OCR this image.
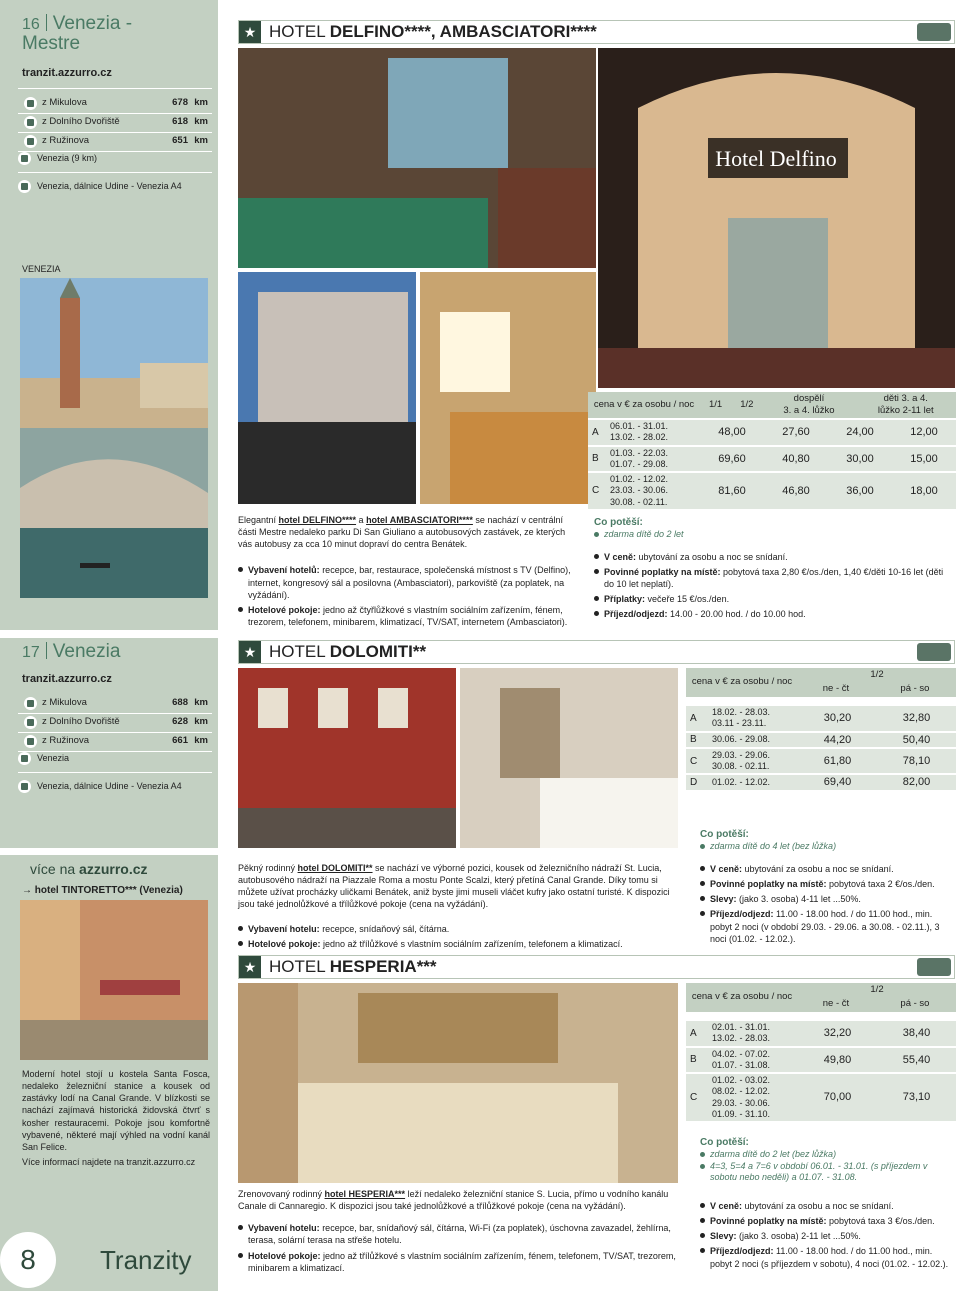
16 Venezia -
Mestre
tranzit.azzurro.cz
	z Mikulova	678	km
	z Dolního Dvořiště	618	km
	z Ružinova	651	km
Venezia (9 km)
Venezia, dálnice Udine - Venezia A4
VENEZIA
★ HOTEL DELFINO****, AMBASCIATORI****
Hotel Delfino
Elegantní hotel DELFINO**** a hotel AMBASCIATORI**** se nachází v centrální části Mestre nedaleko parku Di San Giuliano a autobusových zastávek, ze kterých vás autobusy za cca 10 minut dopraví do centra Benátek.
Vybavení hotelů: recepce, bar, restaurace, společenská místnost s TV (Delfino), internet, kongresový sál a posilovna (Ambasciatori), parkoviště (za poplatek, na vyžádání).
Hotelové pokoje: jedno až čtyřlůžkové s vlastním sociálním zařízením, fénem, trezorem, telefonem, minibarem, klimatizací, TV/SAT, internetem (Ambasciatori).
cena v € za osobu / noc	1/1	1/2	dospělí
3. a 4. lůžko	děti 3. a 4.
lůžko 2-11 let
A
06.01. - 31.01.
13.02. - 28.02.	48,00	27,60	24,00	12,00
B
01.03. - 22.03.
01.07. - 29.08.	69,60	40,80	30,00	15,00
C
01.02. - 12.02.
23.03. - 30.06.
30.08. - 02.11.
81,60	46,80	36,00	18,00
Co potěší:
zdarma dítě do 2 let
V ceně: ubytování za osobu a noc se snídaní.
Povinné poplatky na místě: pobytová taxa 2,80 €/os./den, 1,40 €/děti 10-16 let (děti do 10 let neplatí).
Příplatky: večeře 15 €/os./den.
Příjezd/odjezd: 14.00 - 20.00 hod. / do 10.00 hod.
17 Venezia
tranzit.azzurro.cz
	z Mikulova	688	km
	z Dolního Dvořiště	628	km
	z Ružinova	661	km
Venezia
Venezia, dálnice Udine - Venezia A4
více na azzurro.cz
→ hotel TINTORETTO*** (Venezia)
Moderní hotel stojí u kostela Santa Fosca, nedaleko železniční stanice a kousek od zastávky lodí na Canal Grande. V blízkosti se nachází zajímavá historická židovská čtvrť s kosher restauracemi. Pokoje jsou komfortně vybavené, některé mají výhled na vodní kanál San Felice.
Více informací najdete na tranzit.azzurro.cz
8 Tranzity
★ HOTEL DOLOMITI**
cena v € za osobu / noc	1/2	
	ne - čt	pá - so
A
18.02. - 28.03.
03.11 - 23.11.	30,20	32,80
B	30.06. - 29.08.	44,20	50,40
C
29.03. - 29.06.
30.08. - 02.11.	61,80	78,10
D	01.02. - 12.02.	69,40	82,00
Co potěší:
zdarma dítě do 4 let (bez lůžka)
Pěkný rodinný hotel DOLOMITI** se nachází ve výborné pozici, kousek od železničního nádraží St. Lucia, autobusového nádraží na Piazzale Roma a mostu Ponte Scalzi, který přetíná Canal Grande. Díky tomu si můžete užívat procházky uličkami Benátek, aniž byste jimi museli vláčet kufry jako ostatní turisté. K dispozici jsou také jednolůžkové a třílůžkové pokoje (cena na vyžádání).
Vybavení hotelu: recepce, snídaňový sál, čítárna.
Hotelové pokoje: jedno až třílůžkové s vlastním sociálním zařízením, telefonem a klimatizací.
V ceně: ubytování za osobu a noc se snídaní.
Povinné poplatky na místě: pobytová taxa 2 €/os./den.
Slevy: (jako 3. osoba) 4-11 let ...50%.
Příjezd/odjezd: 11.00 - 18.00 hod. / do 11.00 hod., min. pobyt 2 noci (v období 29.03. - 29.06. a 30.08. - 02.11.), 3 noci (01.02. - 12.02.).
★ HOTEL HESPERIA***
cena v € za osobu / noc	1/2	
	ne - čt	pá - so
A
02.01. - 31.01.
13.02. - 28.03.	32,20	38,40
B
04.02. - 07.02.
01.07. - 31.08.	49,80	55,40
C
01.02. - 03.02.
08.02. - 12.02.
29.03. - 30.06.
01.09. - 31.10.
70,00	73,10
Co potěší:
zdarma dítě do 2 let (bez lůžka)
4=3, 5=4 a 7=6 v období 06.01. - 31.01. (s příjezdem v sobotu nebo neděli) a 01.07. - 31.08.
V ceně: ubytování za osobu a noc se snídaní.
Povinné poplatky na místě: pobytová taxa 3 €/os./den.
Slevy: (jako 3. osoba) 2-11 let ...50%.
Příjezd/odjezd: 11.00 - 18.00 hod. / do 11.00 hod., min. pobyt 2 noci (s příjezdem v sobotu), 4 noci (01.02. - 12.02.).
Zrenovovaný rodinný hotel HESPERIA*** leží nedaleko železniční stanice S. Lucia, přímo u vodního kanálu Canale di Cannaregio. K dispozici jsou také jednolůžkové a třílůžkové pokoje (cena na vyžádání).
Vybavení hotelu: recepce, bar, snídaňový sál, čítárna, Wi-Fi (za poplatek), úschovna zavazadel, žehlírna, terasa, solární terasa na střeše hotelu.
Hotelové pokoje: jedno až třílůžkové s vlastním sociálním zařízením, fénem, telefonem, TV/SAT, trezorem, minibarem a klimatizací.
